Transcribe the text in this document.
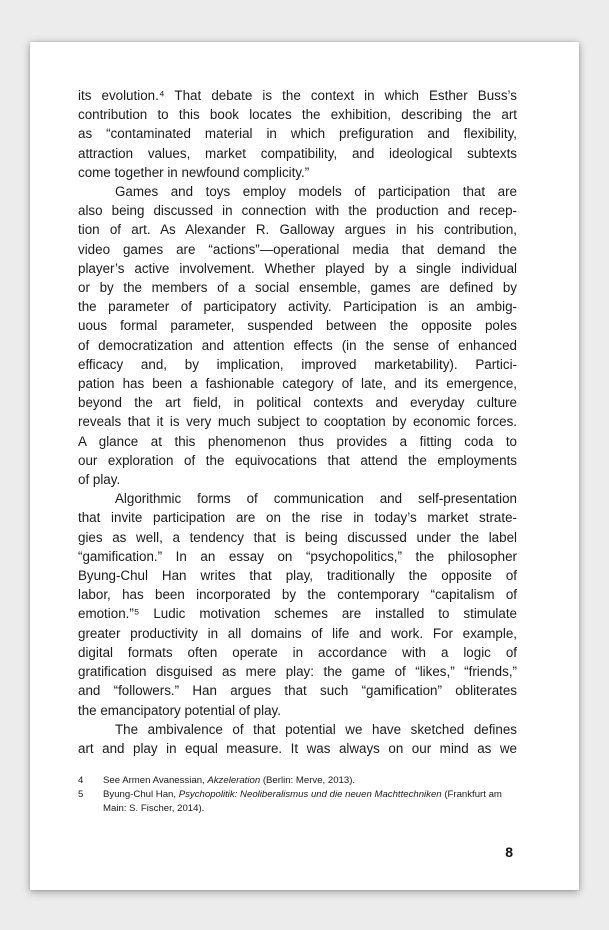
its evolution.⁴ That debate is the context in which Esther Buss’s
contribution to this book locates the exhibition, describing the art
as “contaminated material in which prefiguration and flexibility,
attraction values, market compatibility, and ideological subtexts
come together in newfound complicity.”
Games and toys employ models of participation that are
also being discussed in connection with the production and recep-
tion of art. As Alexander R. Galloway argues in his contribution,
video games are “actions”—operational media that demand the
player’s active involvement. Whether played by a single individual
or by the members of a social ensemble, games are defined by
the parameter of participatory activity. Participation is an ambig-
uous formal parameter, suspended between the opposite poles
of democratization and attention effects (in the sense of enhanced
efficacy and, by implication, improved marketability). Partici-
pation has been a fashionable category of late, and its emergence,
beyond the art field, in political contexts and everyday culture
reveals that it is very much subject to cooptation by economic forces.
A glance at this phenomenon thus provides a fitting coda to
our exploration of the equivocations that attend the employments
of play.
Algorithmic forms of communication and self-presentation
that invite participation are on the rise in today’s market strate-
gies as well, a tendency that is being discussed under the label
“gamification.” In an essay on “psychopolitics,” the philosopher
Byung-Chul Han writes that play, traditionally the opposite of
labor, has been incorporated by the contemporary “capitalism of
emotion.”⁵ Ludic motivation schemes are installed to stimulate
greater productivity in all domains of life and work. For example,
digital formats often operate in accordance with a logic of
gratification disguised as mere play: the game of “likes,” “friends,”
and “followers.” Han argues that such “gamification” obliterates
the emancipatory potential of play.
The ambivalence of that potential we have sketched defines
art and play in equal measure. It was always on our mind as we
4	See Armen Avanessian, Akzeleration (Berlin: Merve, 2013).
5	Byung-Chul Han, Psychopolitik: Neoliberalismus und die neuen Machttechniken (Frankfurt am Main: S. Fischer, 2014).
8
